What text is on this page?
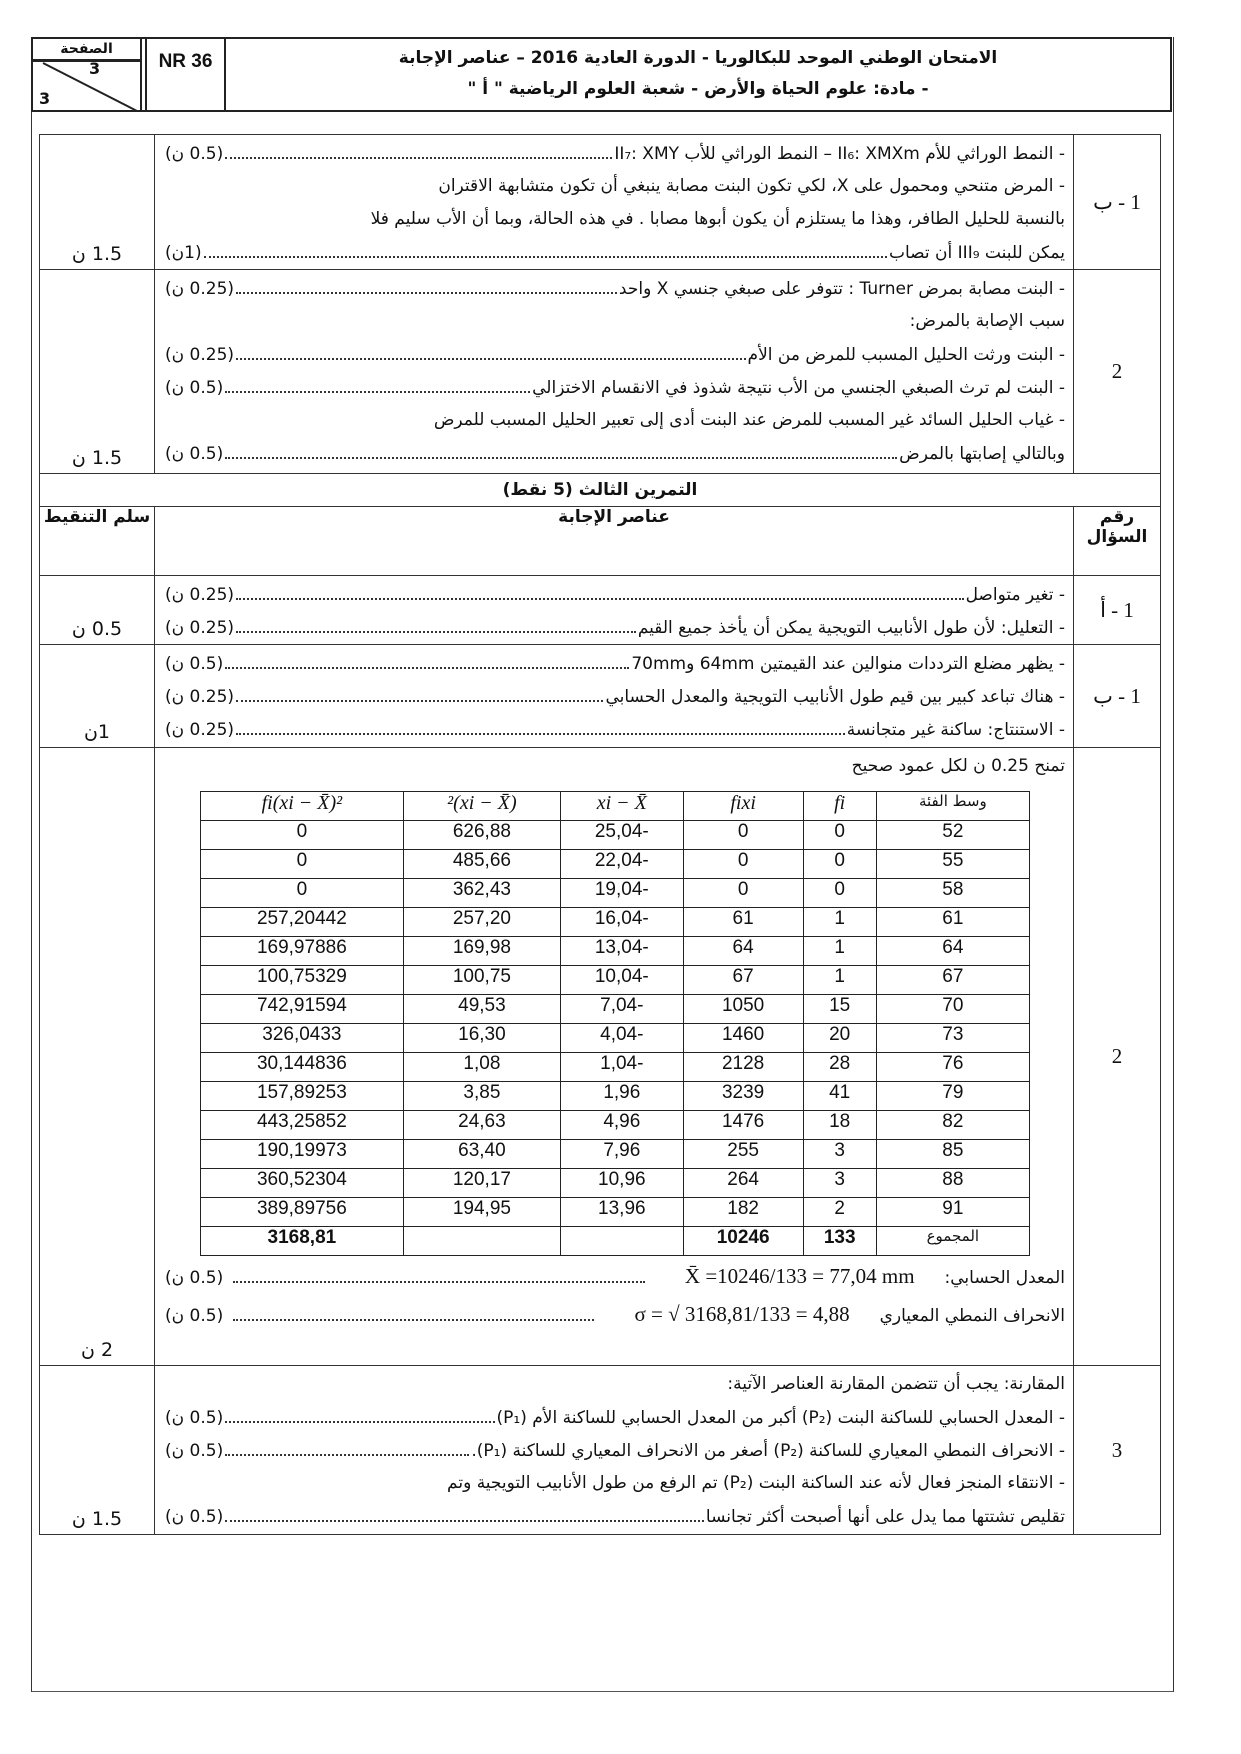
الصفحة
3
3
NR 36	الامتحان الوطني الموحد للبكالوريا - الدورة العادية 2016 – عناصر الإجابة
- مادة: علوم الحياة والأرض - شعبة العلوم الرياضية " أ "
1 - ب	
- النمط الوراثي للأم II₆: XMXm – النمط الوراثي للأب II₇: XMY
(0.5 ن)
- المرض متنحي ومحمول على X، لكي تكون البنت مصابة ينبغي أن تكون متشابهة الاقتران
بالنسبة للحليل الطافر، وهذا ما يستلزم أن يكون أبوها مصابا . في هذه الحالة، وبما أن الأب سليم فلا
يمكن للبنت III₉ أن تصاب
(1ن)
	1.5 ن
2	
- البنت مصابة بمرض Turner : تتوفر على صبغي جنسي X واحد
(0.25 ن)
سبب الإصابة بالمرض:
- البنت ورثت الحليل المسبب للمرض من الأم
(0.25 ن)
- البنت لم ترث الصبغي الجنسي من الأب نتيجة شذوذ في الانقسام الاختزالي
(0.5 ن)
- غياب الحليل السائد غير المسبب للمرض عند البنت أدى إلى تعبير الحليل المسبب للمرض
وبالتالي إصابتها بالمرض
(0.5 ن)
	1.5 ن
التمرين الثالث (5 نقط)
رقم السؤال	عناصر الإجابة	سلم التنقيط
1 - أ	
- تغير متواصل
(0.25 ن)
- التعليل: لأن طول الأنابيب التويجية يمكن أن يأخذ جميع القيم
(0.25 ن)
	0.5 ن
1 - ب	
- يظهر مضلع الترددات منوالين عند القيمتين 64mm و70mm
(0.5 ن)
- هناك تباعد كبير بين قيم طول الأنابيب التويجية والمعدل الحسابي
(0.25 ن)
- الاستنتاج: ساكنة غير متجانسة
(0.25 ن)
	1ن
2	
تمنح 0.25 ن لكل عمود صحيح
وسط الفئة	fi	fixi	xi − X̄	(xi − X̄)²	fi(xi − X̄)²
52	0	0	-25,04	626,88	0
55	0	0	-22,04	485,66	0
58	0	0	-19,04	362,43	0
61	1	61	-16,04	257,20	257,20442
64	1	64	-13,04	169,98	169,97886
67	1	67	-10,04	100,75	100,75329
70	15	1050	-7,04	49,53	742,91594
73	20	1460	-4,04	16,30	326,0433
76	28	2128	-1,04	1,08	30,144836
79	41	3239	1,96	3,85	157,89253
82	18	1476	4,96	24,63	443,25852
85	3	255	7,96	63,40	190,19973
88	3	264	10,96	120,17	360,52304
91	2	182	13,96	194,95	389,89756
المجموع	133	10246			3168,81
المعدل الحسابي:
X̄ =10246/133 = 77,04 mm
(0.5 ن)
الانحراف النمطي المعياري
σ = √ 3168,81/133 = 4,88
(0.5 ن)
	2 ن
3	
المقارنة: يجب أن تتضمن المقارنة العناصر الآتية:
- المعدل الحسابي للساكنة البنت (P₂) أكبر من المعدل الحسابي للساكنة الأم (P₁)
(0.5 ن)
- الانحراف النمطي المعياري للساكنة (P₂) أصغر من الانحراف المعياري للساكنة (P₁).
(0.5 ن)
- الانتقاء المنجز فعال لأنه عند الساكنة البنت (P₂) تم الرفع من طول الأنابيب التويجية وتم
تقليص تشتتها مما يدل على أنها أصبحت أكثر تجانسا
(0.5 ن)
	1.5 ن
